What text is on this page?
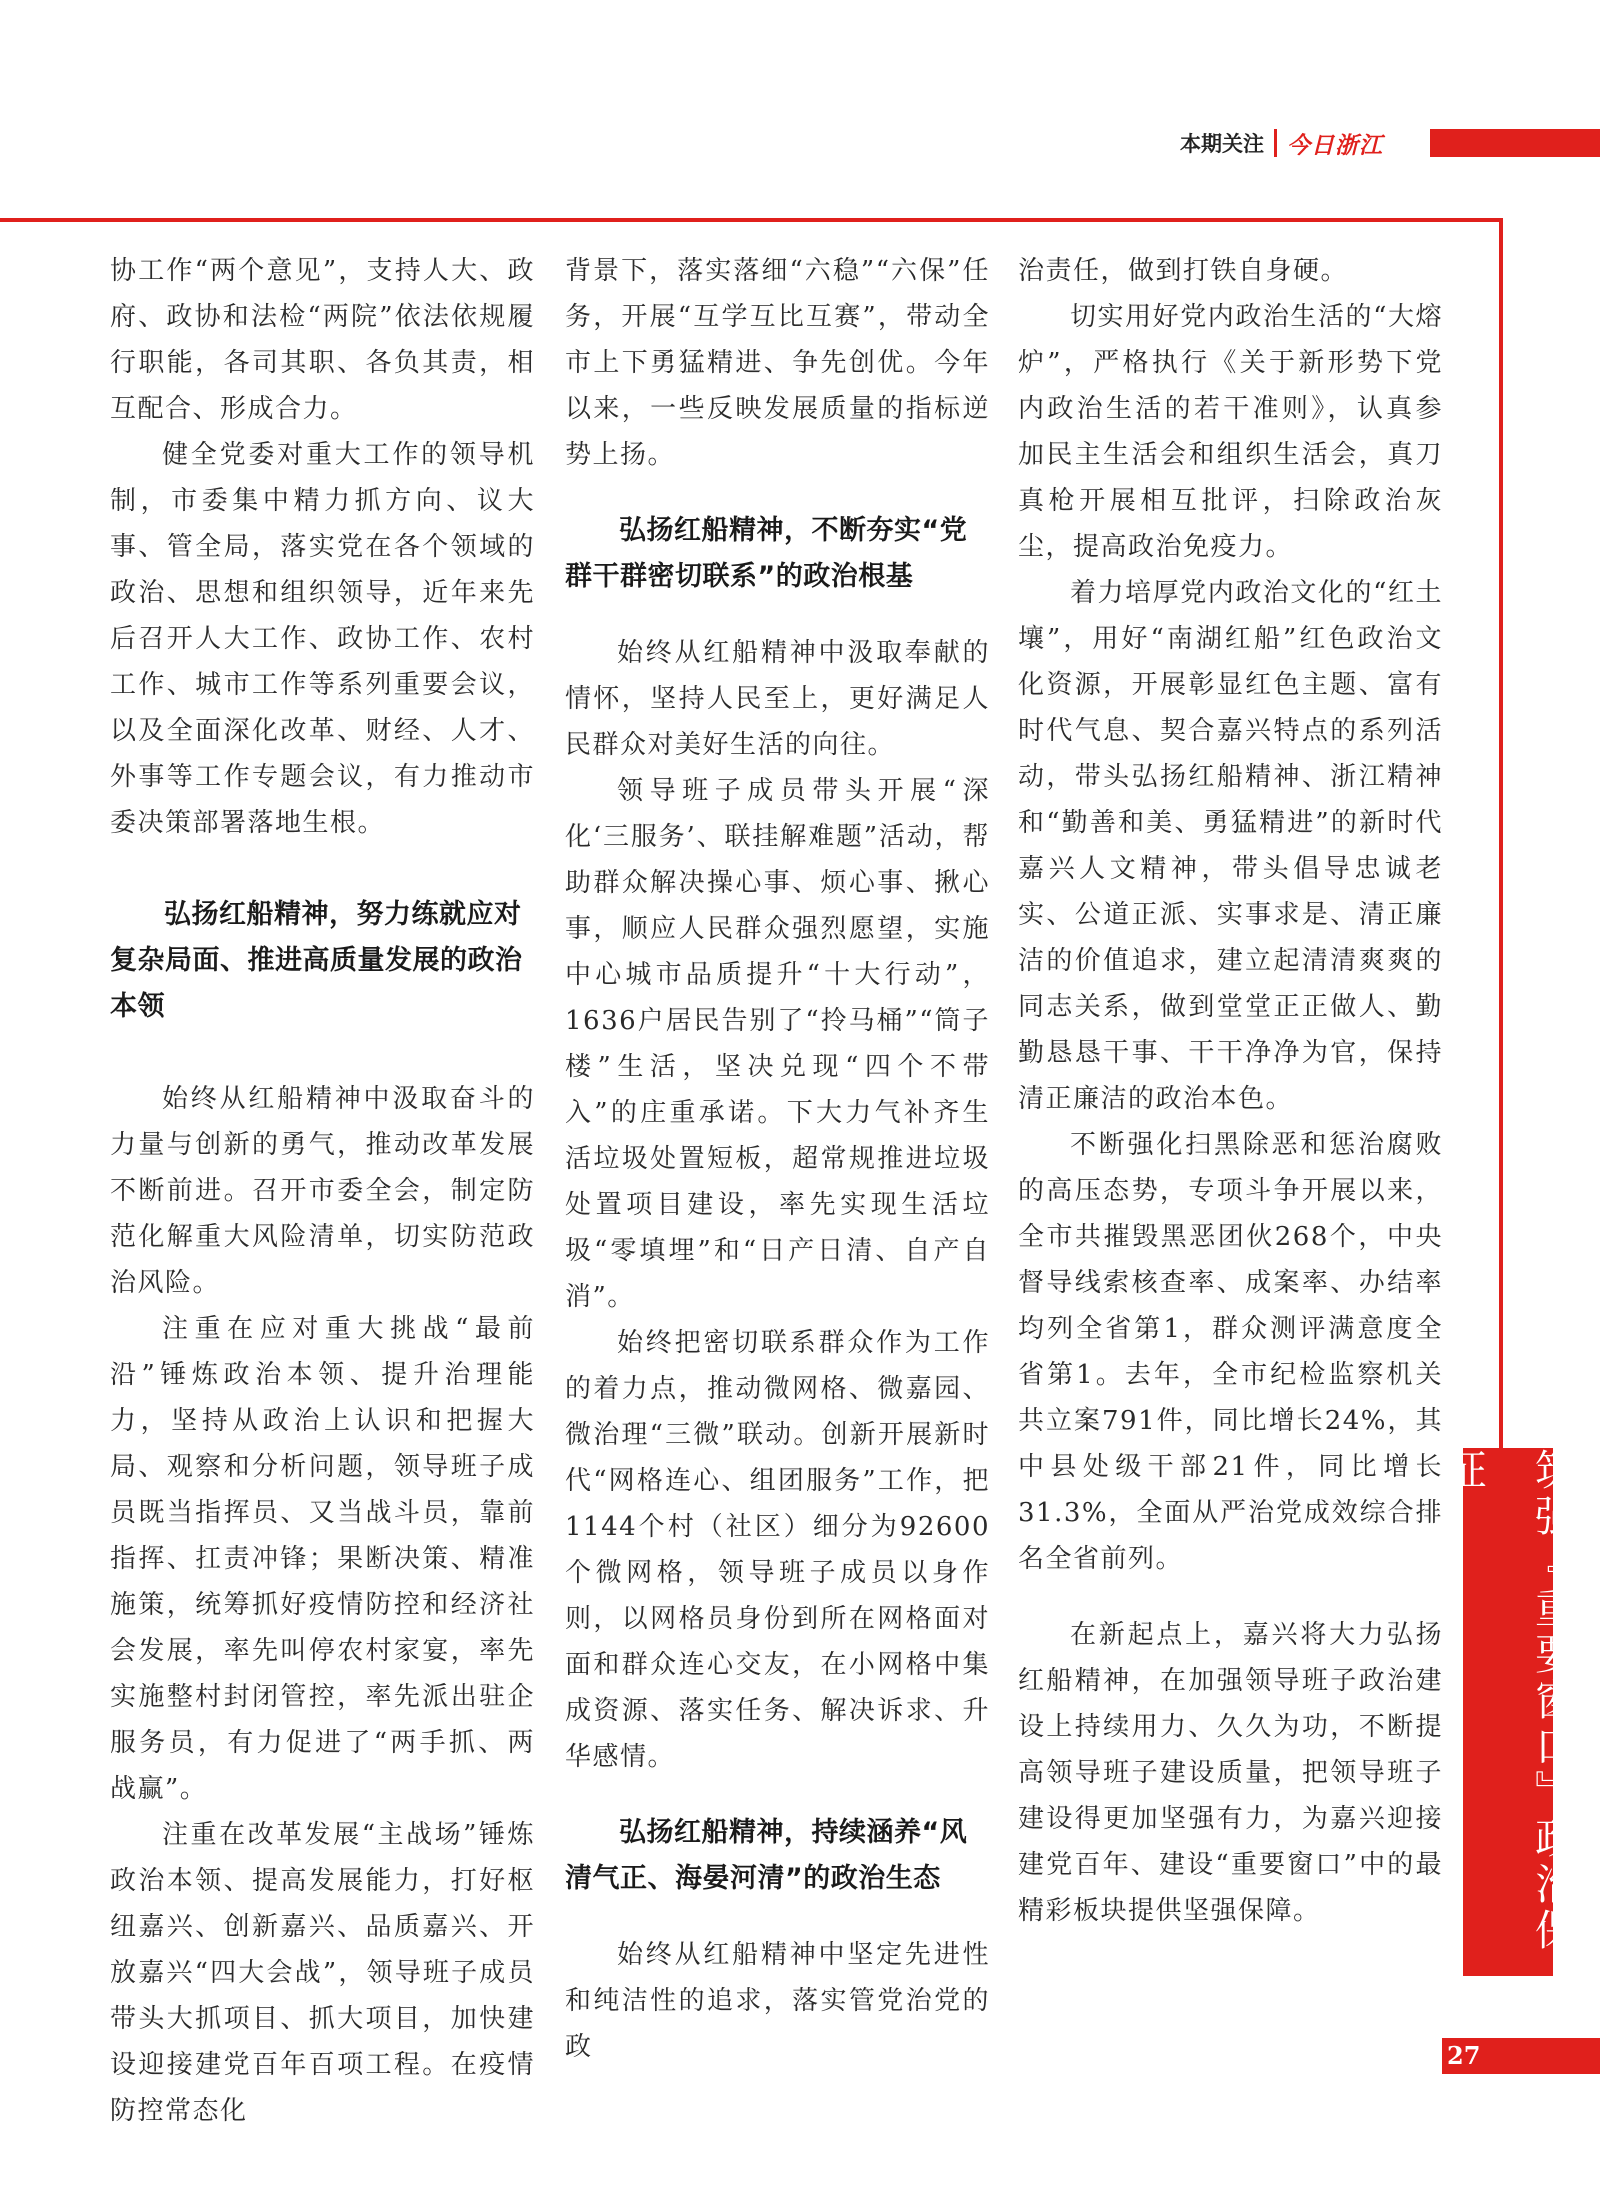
本期关注 今日浙江

协工作“两个意见”，支持人大、政府、政协和法检“两院”依法依规履行职能，各司其职、各负其责，相互配合、形成合力。

健全党委对重大工作的领导机制，市委集中精力抓方向、议大事、管全局，落实党在各个领域的政治、思想和组织领导，近年来先后召开人大工作、政协工作、农村工作、城市工作等系列重要会议，以及全面深化改革、财经、人才、外事等工作专题会议，有力推动市委决策部署落地生根。

弘扬红船精神，努力练就应对复杂局面、推进高质量发展的政治本领

始终从红船精神中汲取奋斗的力量与创新的勇气，推动改革发展不断前进。召开市委全会，制定防范化解重大风险清单，切实防范政治风险。

注重在应对重大挑战“最前沿”锤炼政治本领、提升治理能力，坚持从政治上认识和把握大局、观察和分析问题，领导班子成员既当指挥员、又当战斗员，靠前指挥、扛责冲锋；果断决策、精准施策，统筹抓好疫情防控和经济社会发展，率先叫停农村家宴，率先实施整村封闭管控，率先派出驻企服务员，有力促进了“两手抓、两战赢”。

注重在改革发展“主战场”锤炼政治本领、提高发展能力，打好枢纽嘉兴、创新嘉兴、品质嘉兴、开放嘉兴“四大会战”，领导班子成员带头大抓项目、抓大项目，加快建设迎接建党百年百项工程。在疫情防控常态化

背景下，落实落细“六稳”“六保”任务，开展“互学互比互赛”，带动全市上下勇猛精进、争先创优。今年以来，一些反映发展质量的指标逆势上扬。

弘扬红船精神，不断夯实“党群干群密切联系”的政治根基

始终从红船精神中汲取奉献的情怀，坚持人民至上，更好满足人民群众对美好生活的向往。

领导班子成员带头开展“深化‘三服务’、联挂解难题”活动，帮助群众解决操心事、烦心事、揪心事，顺应人民群众强烈愿望，实施中心城市品质提升“十大行动”，1636户居民告别了“拎马桶”“筒子楼”生活，坚决兑现“四个不带入”的庄重承诺。下大力气补齐生活垃圾处置短板，超常规推进垃圾处置项目建设，率先实现生活垃圾“零填埋”和“日产日清、自产自消”。

始终把密切联系群众作为工作的着力点，推动微网格、微嘉园、微治理“三微”联动。创新开展新时代“网格连心、组团服务”工作，把1144个村（社区）细分为92600个微网格，领导班子成员以身作则，以网格员身份到所在网格面对面和群众连心交友，在小网格中集成资源、落实任务、解决诉求、升华感情。

弘扬红船精神，持续涵养“风清气正、海晏河清”的政治生态

始终从红船精神中坚定先进性和纯洁性的追求，落实管党治党的政

治责任，做到打铁自身硬。

切实用好党内政治生活的“大熔炉”，严格执行《关于新形势下党内政治生活的若干准则》，认真参加民主生活会和组织生活会，真刀真枪开展相互批评，扫除政治灰尘，提高政治免疫力。

着力培厚党内政治文化的“红土壤”，用好“南湖红船”红色政治文化资源，开展彰显红色主题、富有时代气息、契合嘉兴特点的系列活动，带头弘扬红船精神、浙江精神和“勤善和美、勇猛精进”的新时代嘉兴人文精神，带头倡导忠诚老实、公道正派、实事求是、清正廉洁的价值追求，建立起清清爽爽的同志关系，做到堂堂正正做人、勤勤恳恳干事、干干净净为官，保持清正廉洁的政治本色。

不断强化扫黑除恶和惩治腐败的高压态势，专项斗争开展以来，全市共摧毁黑恶团伙268个，中央督导线索核查率、成案率、办结率均列全省第1，群众测评满意度全省第1。去年，全市纪检监察机关共立案791件，同比增长24%，其中县处级干部21件，同比增长31.3%，全面从严治党成效综合排名全省前列。

在新起点上，嘉兴将大力弘扬红船精神，在加强领导班子政治建设上持续用力、久久为功，不断提高领导班子建设质量，把领导班子建设得更加坚强有力，为嘉兴迎接建党百年、建设“重要窗口”中的最精彩板块提供坚强保障。	筑强『重要窗口』政治保证
27
